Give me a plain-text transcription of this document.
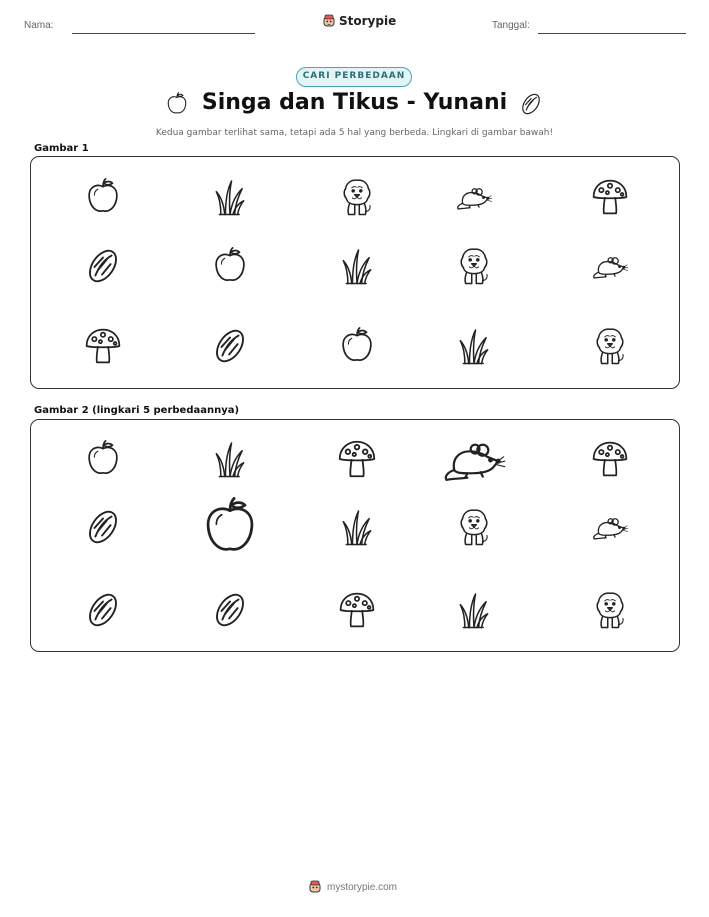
Nama:	Storypie	Tanggal:
CARI PERBEDAAN
Singa dan Tikus - Yunani
Kedua gambar terlihat sama, tetapi ada 5 hal yang berbeda. Lingkari di gambar bawah!
Gambar 1
Gambar 2 (lingkari 5 perbedaannya)
mystorypie.com
